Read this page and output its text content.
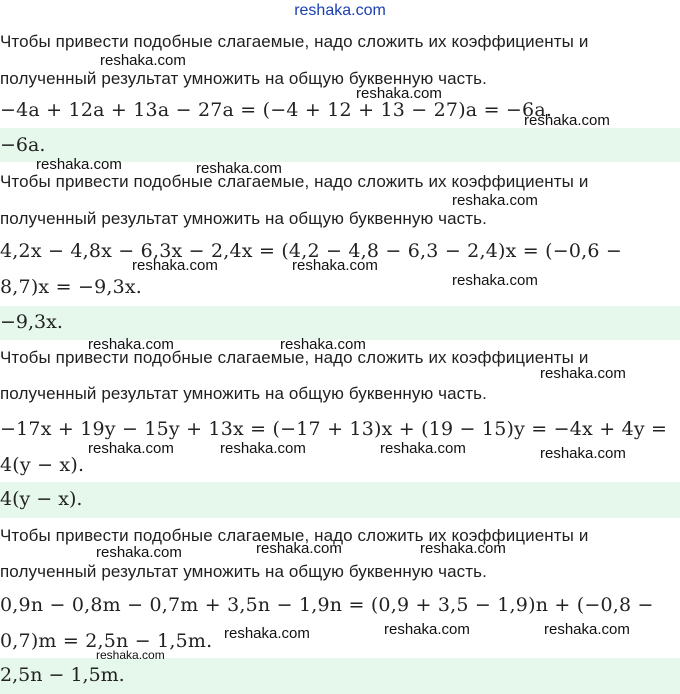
reshaka.com
Чтобы привести подобные слагаемые, надо сложить их коэффициенты и
полученный результат умножить на общую буквенную часть.
−4a + 12a + 13a − 27a = (−4 + 12 + 13 − 27)a = −6a.
−6a.
Чтобы привести подобные слагаемые, надо сложить их коэффициенты и
полученный результат умножить на общую буквенную часть.
4,2x − 4,8x − 6,3x − 2,4x = (4,2 − 4,8 − 6,3 − 2,4)x = (−0,6 −
8,7)x = −9,3x.
−9,3x.
Чтобы привести подобные слагаемые, надо сложить их коэффициенты и
полученный результат умножить на общую буквенную часть.
−17x + 19y − 15y + 13x = (−17 + 13)x + (19 − 15)y = −4x + 4y =
4(y − x).
4(y − x).
Чтобы привести подобные слагаемые, надо сложить их коэффициенты и
полученный результат умножить на общую буквенную часть.
0,9n − 0,8m − 0,7m + 3,5n − 1,9n = (0,9 + 3,5 − 1,9)n + (−0,8 −
0,7)m = 2,5n − 1,5m.
2,5n − 1,5m.
reshaka.com
reshaka.com
reshaka.com
reshaka.com	reshaka.com
reshaka.com
reshaka.com	reshaka.com
reshaka.com
reshaka.com	reshaka.com
reshaka.com
reshaka.com	reshaka.com	reshaka.com	reshaka.com
reshaka.com	reshaka.com
reshaka.com
reshaka.com	reshaka.com
reshaka.com
reshaka.com
